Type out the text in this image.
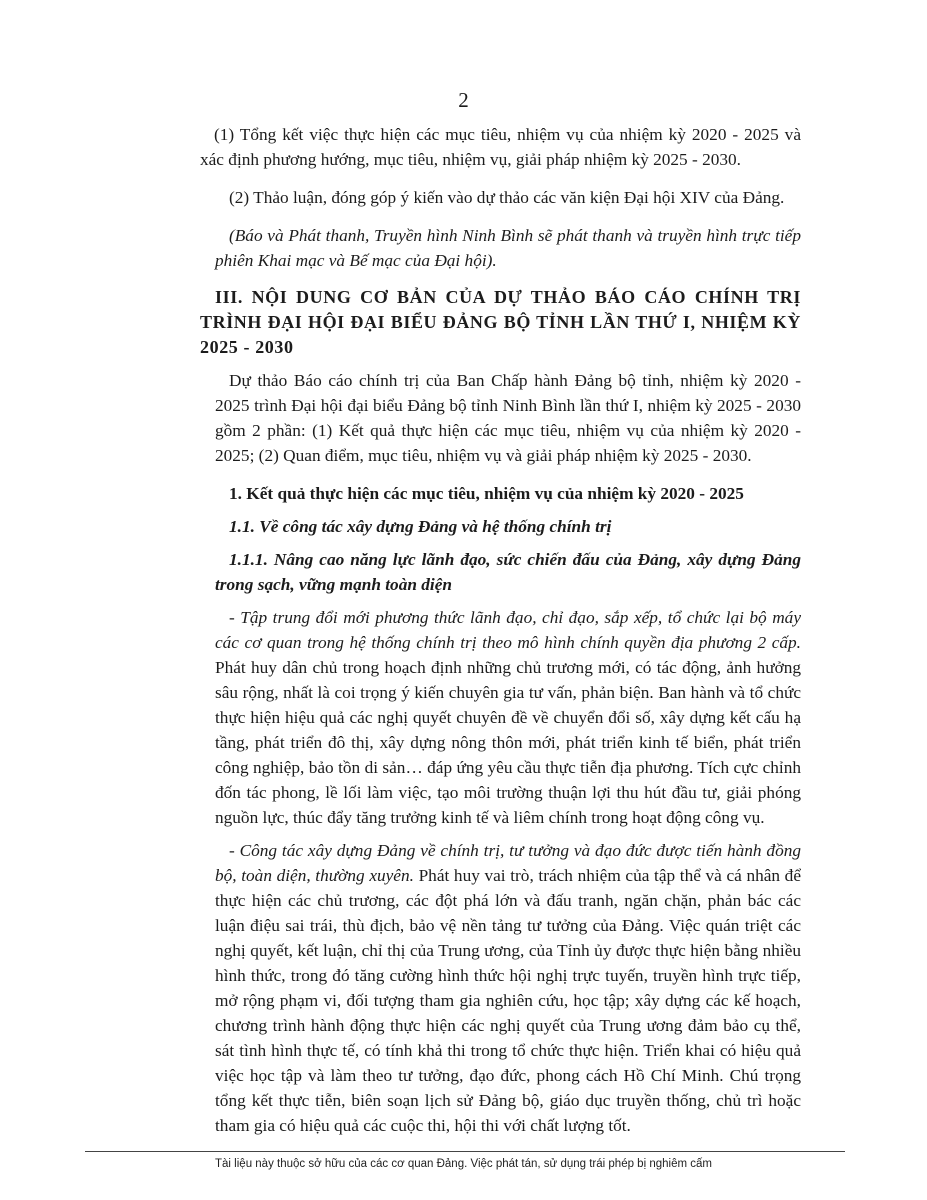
2

(1) Tổng kết việc thực hiện các mục tiêu, nhiệm vụ của nhiệm kỳ 2020 - 2025 và xác định phương hướng, mục tiêu, nhiệm vụ, giải pháp nhiệm kỳ 2025 - 2030.

(2) Thảo luận, đóng góp ý kiến vào dự thảo các văn kiện Đại hội XIV của Đảng.

(Báo và Phát thanh, Truyền hình Ninh Bình sẽ phát thanh và truyền hình trực tiếp phiên Khai mạc và Bế mạc của Đại hội).

III. NỘI DUNG CƠ BẢN CỦA DỰ THẢO BÁO CÁO CHÍNH TRỊ TRÌNH ĐẠI HỘI ĐẠI BIỂU ĐẢNG BỘ TỈNH LẦN THỨ I, NHIỆM KỲ 2025 - 2030

Dự thảo Báo cáo chính trị của Ban Chấp hành Đảng bộ tỉnh, nhiệm kỳ 2020 - 2025 trình Đại hội đại biểu Đảng bộ tỉnh Ninh Bình lần thứ I, nhiệm kỳ 2025 - 2030 gồm 2 phần: (1) Kết quả thực hiện các mục tiêu, nhiệm vụ của nhiệm kỳ 2020 - 2025; (2) Quan điểm, mục tiêu, nhiệm vụ và giải pháp nhiệm kỳ 2025 - 2030.

1. Kết quả thực hiện các mục tiêu, nhiệm vụ của nhiệm kỳ 2020 - 2025

1.1. Về công tác xây dựng Đảng và hệ thống chính trị

1.1.1. Nâng cao năng lực lãnh đạo, sức chiến đấu của Đảng, xây dựng Đảng trong sạch, vững mạnh toàn diện

- Tập trung đổi mới phương thức lãnh đạo, chỉ đạo, sắp xếp, tổ chức lại bộ máy các cơ quan trong hệ thống chính trị theo mô hình chính quyền địa phương 2 cấp. Phát huy dân chủ trong hoạch định những chủ trương mới, có tác động, ảnh hưởng sâu rộng, nhất là coi trọng ý kiến chuyên gia tư vấn, phản biện. Ban hành và tổ chức thực hiện hiệu quả các nghị quyết chuyên đề về chuyển đổi số, xây dựng kết cấu hạ tầng, phát triển đô thị, xây dựng nông thôn mới, phát triển kinh tế biển, phát triển công nghiệp, bảo tồn di sản… đáp ứng yêu cầu thực tiễn địa phương. Tích cực chỉnh đốn tác phong, lề lối làm việc, tạo môi trường thuận lợi thu hút đầu tư, giải phóng nguồn lực, thúc đẩy tăng trưởng kinh tế và liêm chính trong hoạt động công vụ.

- Công tác xây dựng Đảng về chính trị, tư tưởng và đạo đức được tiến hành đồng bộ, toàn diện, thường xuyên. Phát huy vai trò, trách nhiệm của tập thể và cá nhân để thực hiện các chủ trương, các đột phá lớn và đấu tranh, ngăn chặn, phản bác các luận điệu sai trái, thù địch, bảo vệ nền tảng tư tưởng của Đảng. Việc quán triệt các nghị quyết, kết luận, chỉ thị của Trung ương, của Tỉnh ủy được thực hiện bằng nhiều hình thức, trong đó tăng cường hình thức hội nghị trực tuyến, truyền hình trực tiếp, mở rộng phạm vi, đối tượng tham gia nghiên cứu, học tập; xây dựng các kế hoạch, chương trình hành động thực hiện các nghị quyết của Trung ương đảm bảo cụ thể, sát tình hình thực tế, có tính khả thi trong tổ chức thực hiện. Triển khai có hiệu quả việc học tập và làm theo tư tưởng, đạo đức, phong cách Hồ Chí Minh. Chú trọng tổng kết thực tiễn, biên soạn lịch sử Đảng bộ, giáo dục truyền thống, chủ trì hoặc tham gia có hiệu quả các cuộc thi, hội thi với chất lượng tốt.

Tài liệu này thuộc sở hữu của các cơ quan Đảng. Việc phát tán, sử dụng trái phép bị nghiêm cấm
